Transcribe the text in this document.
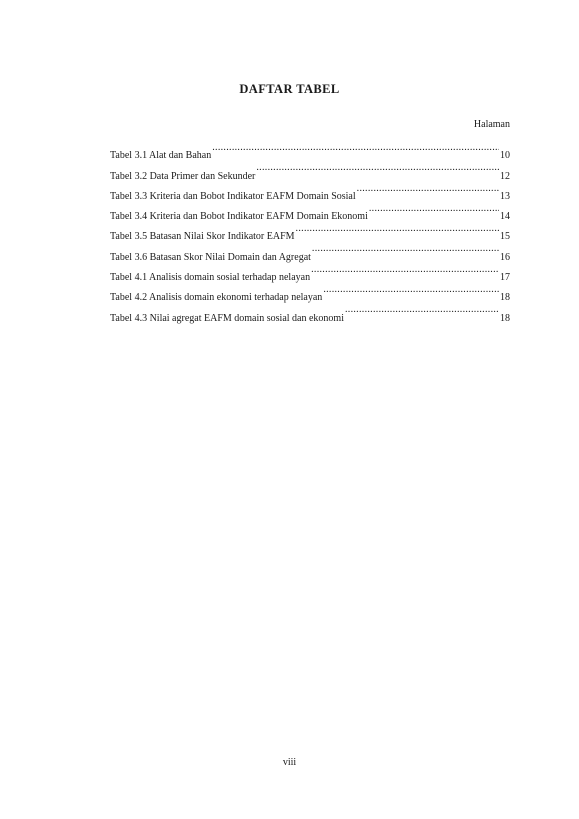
DAFTAR TABEL
Halaman
Tabel 3.1 Alat dan Bahan .....	10
Tabel 3.2 Data Primer dan Sekunder .....	12
Tabel 3.3 Kriteria dan Bobot Indikator EAFM Domain Sosial .....	13
Tabel 3.4 Kriteria dan Bobot Indikator EAFM Domain Ekonomi .....	14
Tabel 3.5 Batasan Nilai Skor Indikator EAFM .....	15
Tabel 3.6 Batasan Skor Nilai Domain dan Agregat .....	16
Tabel 4.1 Analisis domain sosial terhadap nelayan .....	17
Tabel 4.2 Analisis domain ekonomi terhadap nelayan .....	18
Tabel 4.3 Nilai agregat EAFM domain sosial dan ekonomi .....	18
viii
